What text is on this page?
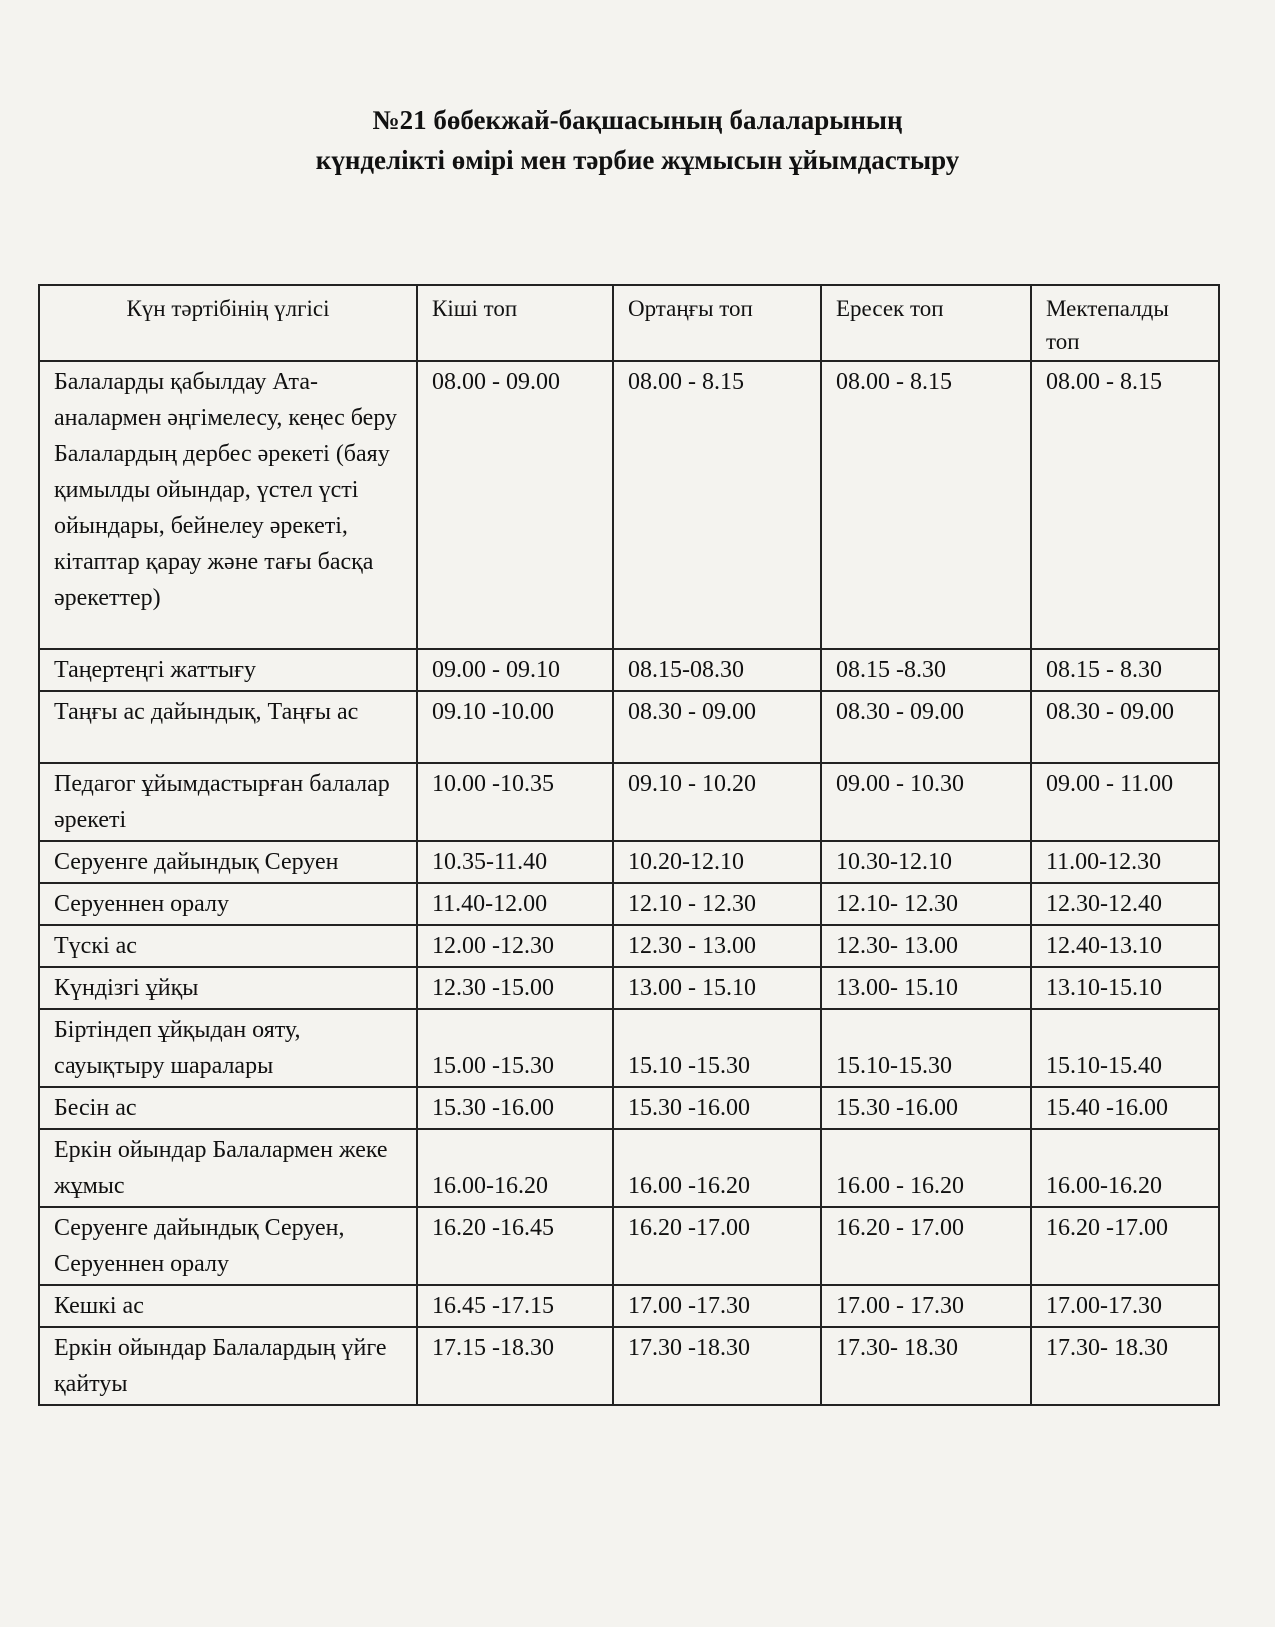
№21 бөбекжай-бақшасының балаларының
күнделікті өмірі мен тәрбие жұмысын ұйымдастыру
Күн тәртібінің үлгісі	Кіші топ	Ортаңғы топ	Ересек топ	Мектепалды топ
Балаларды қабылдау Ата-аналармен әңгімелесу, кеңес беру Балалардың дербес әрекеті (баяу қимылды ойындар, үстел үсті ойындары, бейнелеу әрекеті, кітаптар қарау және тағы басқа әрекеттер)	08.00 - 09.00	08.00 - 8.15	08.00 - 8.15	08.00 - 8.15
Таңертеңгі жаттығу	09.00 - 09.10	08.15-08.30	08.15 -8.30	08.15 - 8.30
Таңғы ас дайындық, Таңғы ас	09.10 -10.00	08.30 - 09.00	08.30 - 09.00	08.30 - 09.00
Педагог ұйымдастырған балалар әрекеті	10.00 -10.35	09.10 - 10.20	09.00 - 10.30	09.00 - 11.00
Серуенге дайындық Серуен	10.35-11.40	10.20-12.10	10.30-12.10	11.00-12.30
Серуеннен оралу	11.40-12.00	12.10 - 12.30	12.10- 12.30	12.30-12.40
Түскі ас	12.00 -12.30	12.30 - 13.00	12.30- 13.00	12.40-13.10
Күндізгі ұйқы	12.30 -15.00	13.00 - 15.10	13.00- 15.10	13.10-15.10
Біртіндеп ұйқыдан ояту, сауықтыру шаралары	15.00 -15.30	15.10 -15.30	15.10-15.30	15.10-15.40
Бесін ас	15.30 -16.00	15.30 -16.00	15.30 -16.00	15.40 -16.00
Еркін ойындар Балалармен жеке жұмыс	16.00-16.20	16.00 -16.20	16.00 - 16.20	16.00-16.20
Серуенге дайындық Серуен, Серуеннен оралу	16.20 -16.45	16.20 -17.00	16.20 - 17.00	16.20 -17.00
Кешкі ас	16.45 -17.15	17.00 -17.30	17.00 - 17.30	17.00-17.30
Еркін ойындар Балалардың үйге қайтуы	17.15 -18.30	17.30 -18.30	17.30- 18.30	17.30- 18.30
